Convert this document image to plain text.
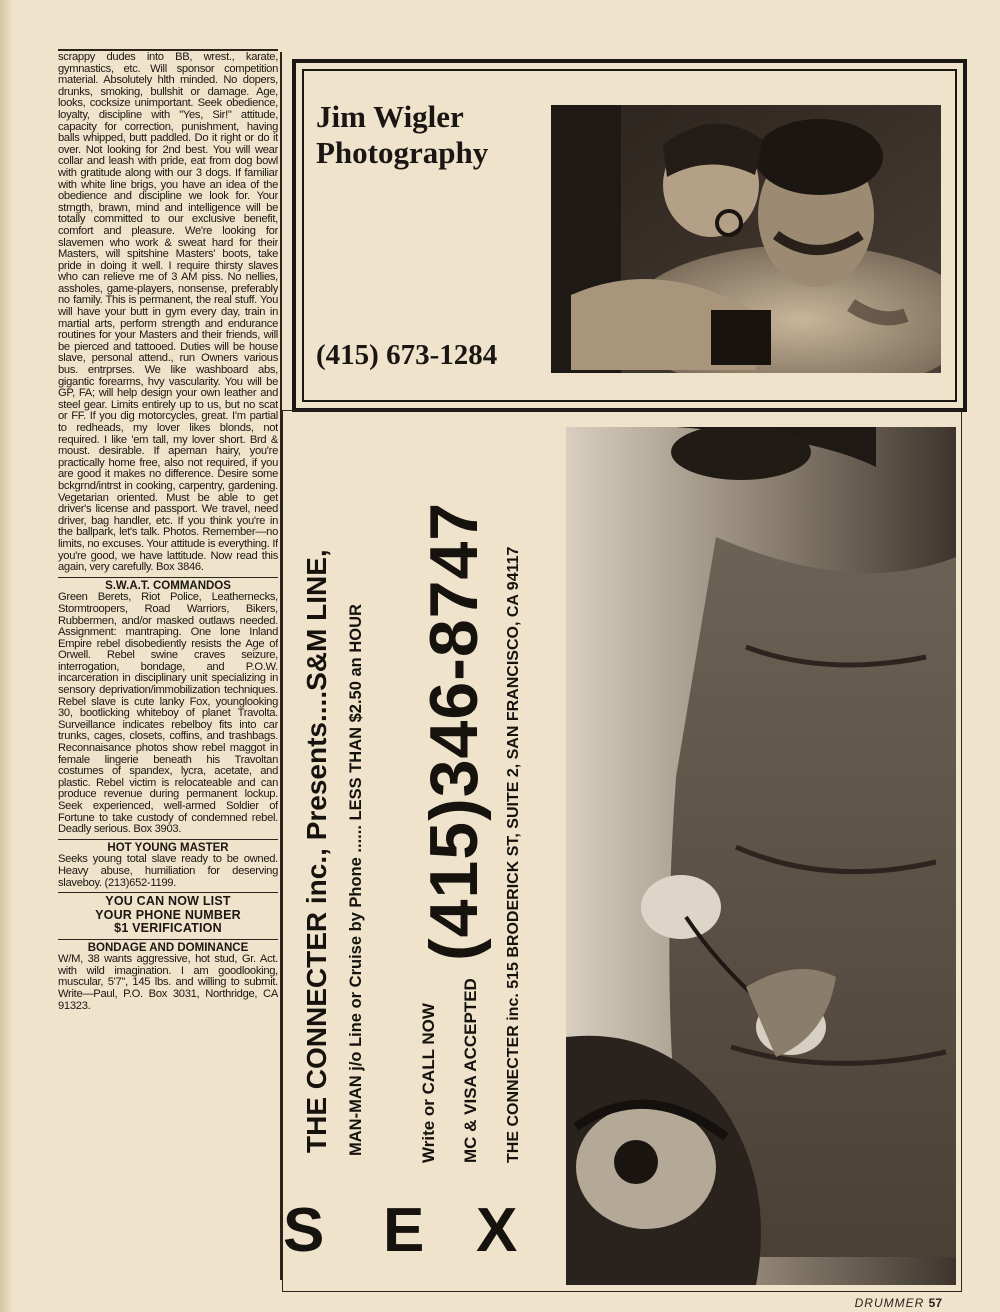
scrappy dudes into BB, wrest., karate, gymnastics, etc. Will sponsor competition material. Absolutely hlth minded. No dopers, drunks, smoking, bullshit or damage. Age, looks, cocksize unimportant. Seek obedience, loyalty, discipline with "Yes, Sir!" attitude, capacity for correction, punishment, having balls whipped, butt paddled. Do it right or do it over. Not looking for 2nd best. You will wear collar and leash with pride, eat from dog bowl with gratitude along with our 3 dogs. If familiar with white line brigs, you have an idea of the obedience and discipline we look for. Your strngth, brawn, mind and intelligence will be totally committed to our exclusive benefit, comfort and pleasure. We're looking for slavemen who work & sweat hard for their Masters, will spitshine Masters' boots, take pride in doing it well. I require thirsty slaves who can relieve me of 3 AM piss. No nellies, assholes, game-players, nonsense, preferably no family. This is permanent, the real stuff. You will have your butt in gym every day, train in martial arts, perform strength and endurance routines for your Masters and their friends, will be pierced and tattooed. Duties will be house slave, personal attend., run Owners various bus. entrprses. We like washboard abs, gigantic forearms, hvy vascularity. You will be GP, FA; will help design your own leather and steel gear. Limits entirely up to us, but no scat or FF. If you dig motorcycles, great. I'm partial to redheads, my lover likes blonds, not required. I like 'em tall, my lover short. Brd & moust. desirable. If apeman hairy, you're practically home free, also not required, if you are good it makes no difference. Desire some bckgrnd/intrst in cooking, carpentry, gardening. Vegetarian oriented. Must be able to get driver's license and passport. We travel, need driver, bag handler, etc. If you think you're in the ballpark, let's talk. Photos. Remember—no limits, no excuses. Your attitude is everything. If you're good, we have lattitude. Now read this again, very carefully. Box 3846.

S.W.A.T. COMMANDOS

Green Berets, Riot Police, Leathernecks, Stormtroopers, Road Warriors, Bikers, Rubbermen, and/or masked outlaws needed. Assignment: mantraping. One lone Inland Empire rebel disobediently resists the Age of Orwell. Rebel swine craves seizure, interrogation, bondage, and P.O.W. incarceration in disciplinary unit specializing in sensory deprivation/immobilization techniques. Rebel slave is cute lanky Fox, younglooking 30, bootlicking whiteboy of planet Travolta. Surveillance indicates rebelboy fits into car trunks, cages, closets, coffins, and trashbags. Reconnaisance photos show rebel maggot in female lingerie beneath his Travoltan costumes of spandex, lycra, acetate, and plastic. Rebel victim is relocateable and can produce revenue during permanent lockup. Seek experienced, well-armed Soldier of Fortune to take custody of condemned rebel. Deadly serious. Box 3903.

HOT YOUNG MASTER

Seeks young total slave ready to be owned. Heavy abuse, humiliation for deserving slaveboy. (213)652-1199.

YOU CAN NOW LIST

YOUR PHONE NUMBER

$1 VERIFICATION

BONDAGE AND DOMINANCE

W/M, 38 wants aggressive, hot stud, Gr. Act. with wild imagination. I am goodlooking, muscular, 5'7", 145 lbs. and willing to submit. Write—Paul, P.O. Box 3031, Northridge, CA 91323.

Jim Wigler
Photography
(415) 673-1284
THE CONNECTER inc., Presents....S&M LINE, MAN-MAN j/o Line or Cruise by Phone ...... LESS THAN $2.50 an HOUR	Write or CALL NOW
(415)346-8747
MC & VISA ACCEPTED THE CONNECTER inc. 515 BRODERICK ST, SUITE 2, SAN FRANCISCO, CA 94117
S E X
DRUMMER 57
